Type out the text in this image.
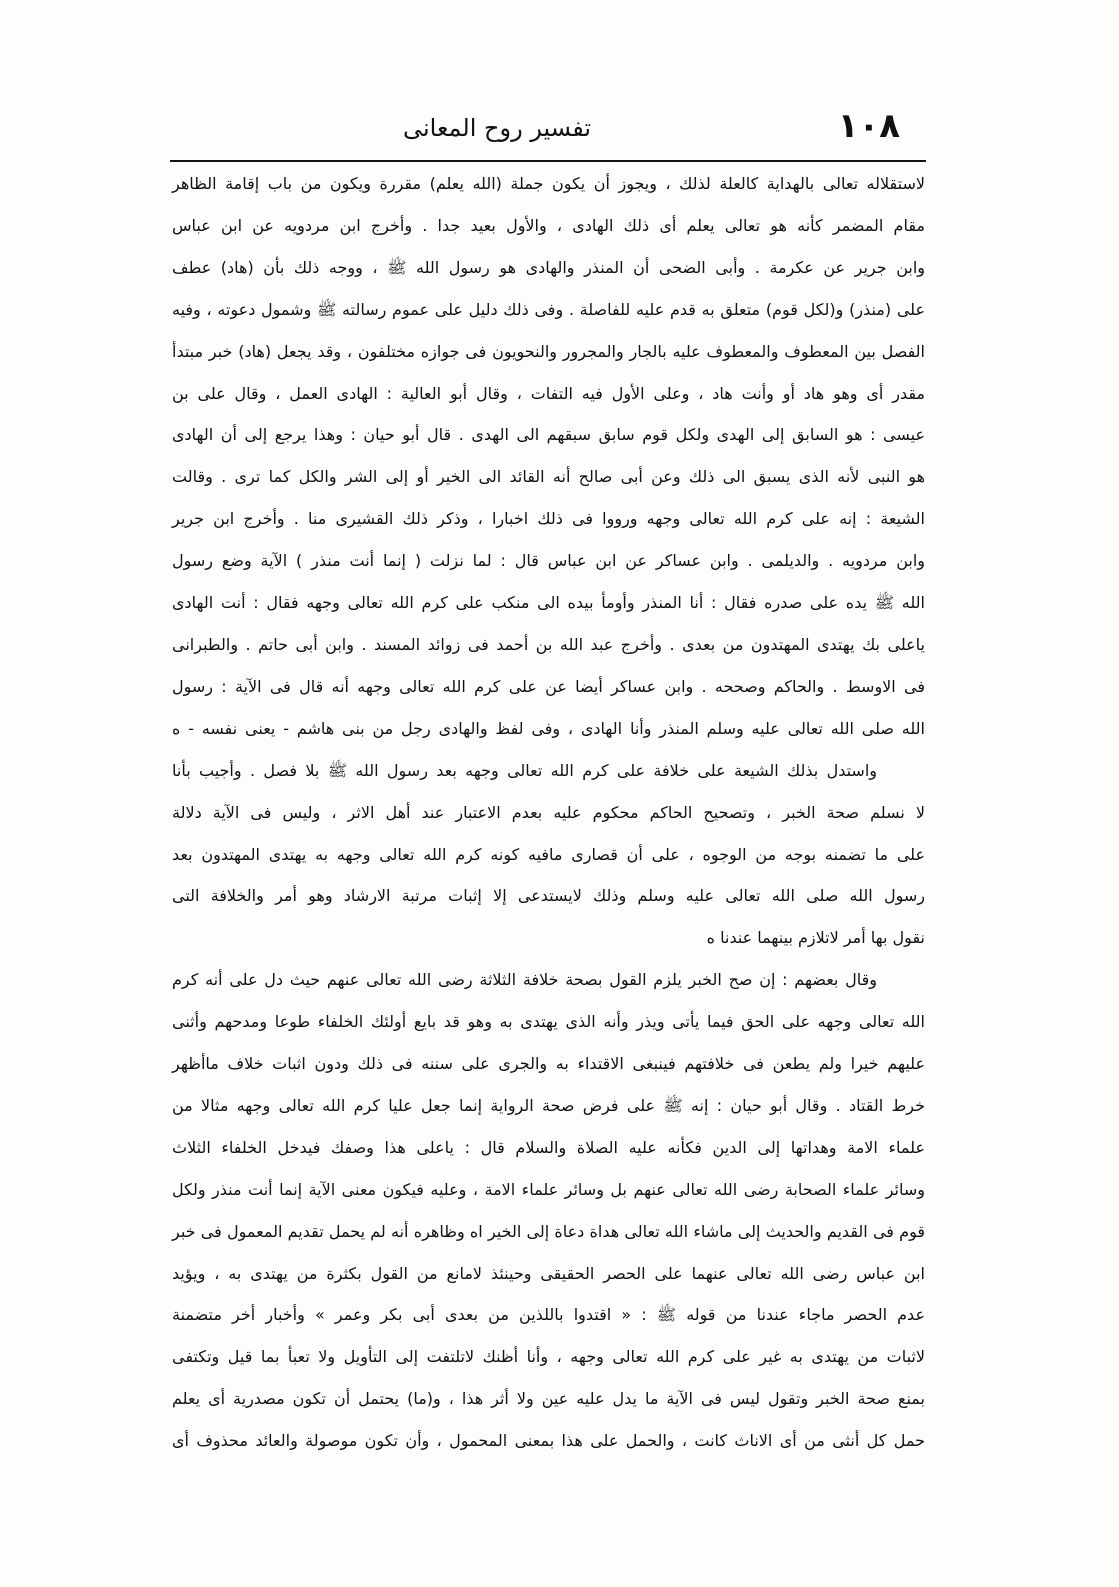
١٠٨
تفسير روح المعانى
لاستقلاله تعالى بالهداية كالعلة لذلك ، ويجوز أن يكون جملة (الله يعلم) مقررة ويكون من باب إقامة الظاهر
مقام المضمر كأنه هو تعالى يعلم أى ذلك الهادى ، والأول بعيد جدا . وأخرج ابن مردويه عن ابن عباس
وابن جرير عن عكرمة . وأبى الضحى أن المنذر والهادى هو رسول الله ﷺ ، ووجه ذلك بأن (هاد) عطف
على (منذر) و(لكل قوم) متعلق به قدم عليه للفاصلة . وفى ذلك دليل على عموم رسالته ﷺ وشمول دعوته ، وفيه
الفصل بين المعطوف والمعطوف عليه بالجار والمجرور والنحويون فى جوازه مختلفون ، وقد يجعل (هاد) خبر مبتدأ
مقدر أى وهو هاد أو وأنت هاد ، وعلى الأول فيه التفات ، وقال أبو العالية : الهادى العمل ، وقال على بن
عيسى : هو السابق إلى الهدى ولكل قوم سابق سبقهم الى الهدى . قال أبو حيان : وهذا يرجع إلى أن الهادى
هو النبى لأنه الذى يسبق الى ذلك وعن أبى صالح أنه القائد الى الخير أو إلى الشر والكل كما ترى . وقالت
الشيعة : إنه على كرم الله تعالى وجهه ورووا فى ذلك اخبارا ، وذكر ذلك القشيرى منا . وأخرج ابن جرير
وابن مردويه . والديلمى . وابن عساكر عن ابن عباس قال : لما نزلت ( إنما أنت منذر ) الآية وضع رسول
الله ﷺ يده على صدره فقال : أنا المنذر وأومأ بيده الى منكب على كرم الله تعالى وجهه فقال : أنت الهادى
ياعلى بك يهتدى المهتدون من بعدى . وأخرج عبد الله بن أحمد فى زوائد المسند . وابن أبى حاتم . والطبرانى
فى الاوسط . والحاكم وصححه . وابن عساكر أيضا عن على كرم الله تعالى وجهه أنه قال فى الآية : رسول
الله صلى الله تعالى عليه وسلم المنذر وأنا الهادى ، وفى لفظ والهادى رجل من بنى هاشم - يعنى نفسه - ه
واستدل بذلك الشيعة على خلافة على كرم الله تعالى وجهه بعد رسول الله ﷺ بلا فصل . وأجيب بأنا
لا نسلم صحة الخبر ، وتصحيح الحاكم محكوم عليه بعدم الاعتبار عند أهل الاثر ، وليس فى الآية دلالة
على ما تضمنه بوجه من الوجوه ، على أن قصارى مافيه كونه كرم الله تعالى وجهه به يهتدى المهتدون بعد
رسول الله صلى الله تعالى عليه وسلم وذلك لايستدعى إلا إثبات مرتبة الارشاد وهو أمر والخلافة التى
نقول بها أمر لاتلازم بينهما عندنا ه
وقال بعضهم : إن صح الخبر يلزم القول بصحة خلافة الثلاثة رضى الله تعالى عنهم حيث دل على أنه كرم
الله تعالى وجهه على الحق فيما يأتى ويذر وأنه الذى يهتدى به وهو قد بايع أولئك الخلفاء طوعا ومدحهم وأثنى
عليهم خيرا ولم يطعن فى خلافتهم فينبغى الاقتداء به والجرى على سننه فى ذلك ودون اثبات خلاف ماأظهر
خرط القتاد . وقال أبو حيان : إنه ﷺ على فرض صحة الرواية إنما جعل عليا كرم الله تعالى وجهه مثالا من
علماء الامة وهداتها إلى الدين فكأنه عليه الصلاة والسلام قال : ياعلى هذا وصفك فيدخل الخلفاء الثلاث
وسائر علماء الصحابة رضى الله تعالى عنهم بل وسائر علماء الامة ، وعليه فيكون معنى الآية إنما أنت منذر ولكل
قوم فى القديم والحديث إلى ماشاء الله تعالى هداة دعاة إلى الخير اه وظاهره أنه لم يحمل تقديم المعمول فى خبر
ابن عباس رضى الله تعالى عنهما على الحصر الحقيقى وحينئذ لامانع من القول بكثرة من يهتدى به ، ويؤيد
عدم الحصر ماجاء عندنا من قوله ﷺ : « اقتدوا باللذين من بعدى أبى بكر وعمر » وأخبار أخر متضمنة
لاثبات من يهتدى به غير على كرم الله تعالى وجهه ، وأنا أظنك لاتلتفت إلى التأويل ولا تعبأ بما قيل وتكتفى
بمنع صحة الخبر وتقول ليس فى الآية ما يدل عليه عين ولا أثر هذا ، و(ما) يحتمل أن تكون مصدرية أى يعلم
حمل كل أنثى من أى الاناث كانت ، والحمل على هذا بمعنى المحمول ، وأن تكون موصولة والعائد محذوف أى
